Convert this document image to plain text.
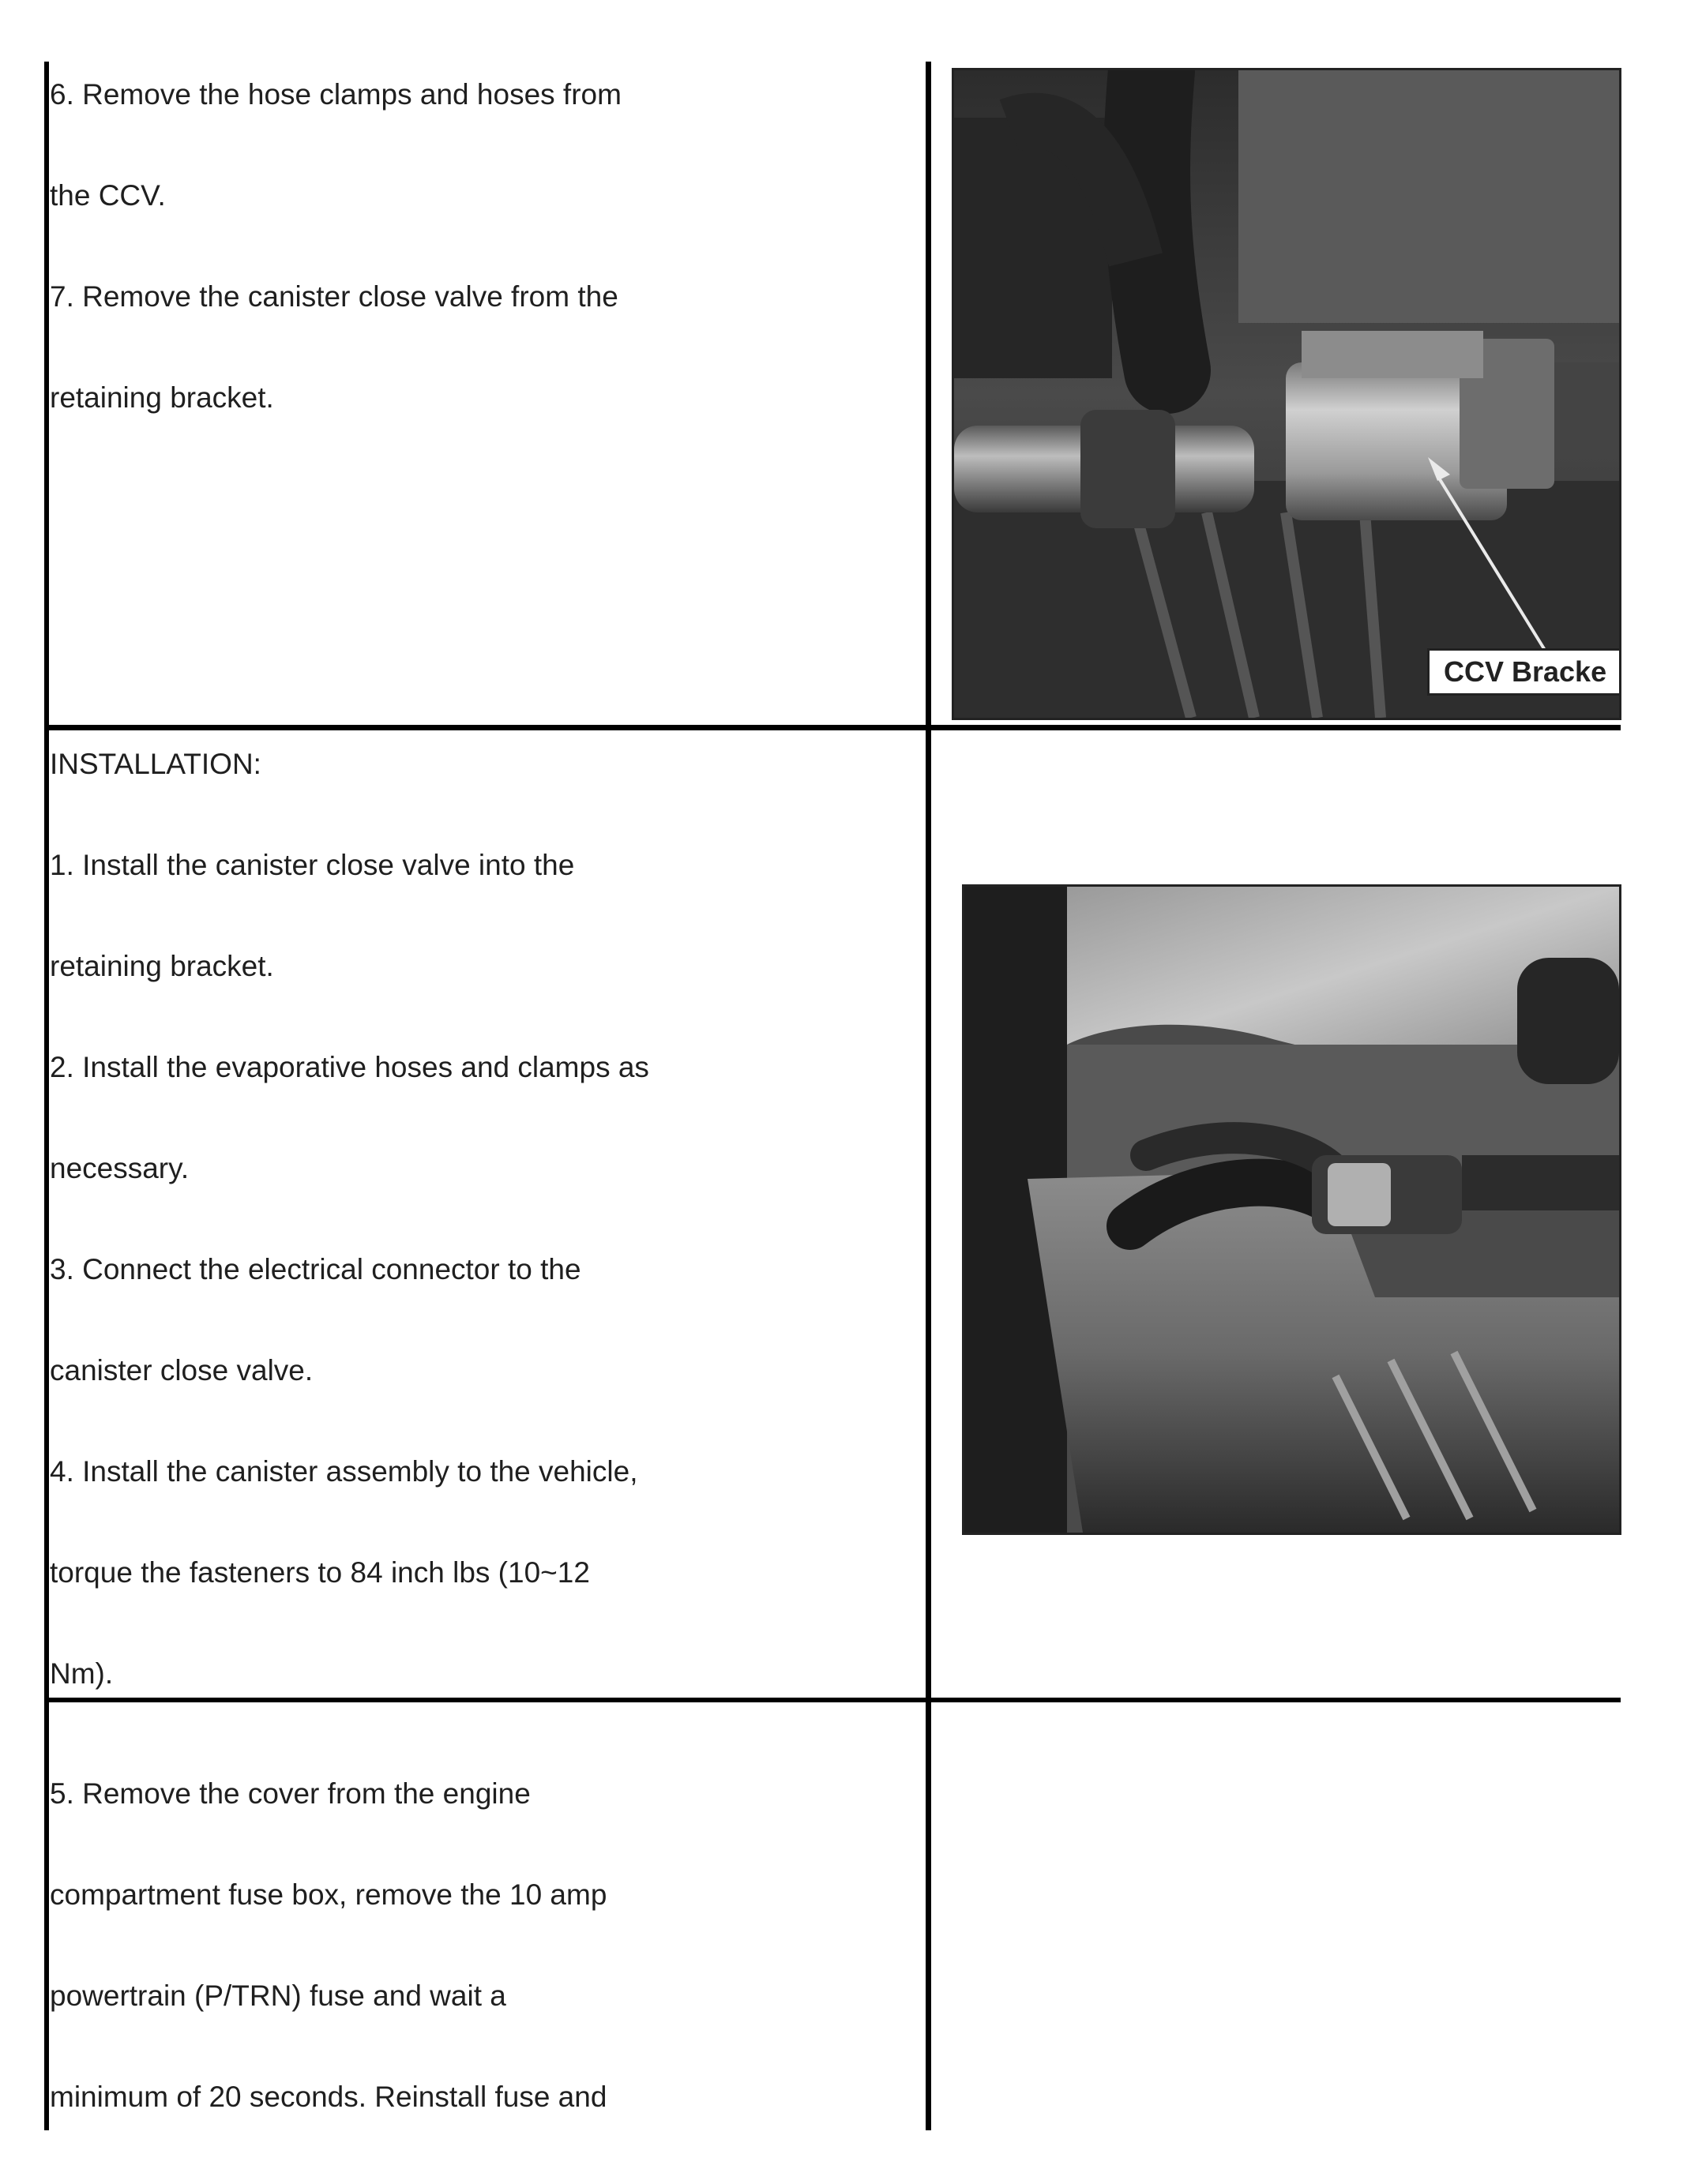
6. Remove the hose clamps and hoses from
the CCV.
7. Remove the canister close valve from the
retaining bracket.
INSTALLATION:
1. Install the canister close valve into the
retaining bracket.
2. Install the evaporative hoses and clamps as
necessary.
3. Connect the electrical connector to the
canister close valve.
4. Install the canister assembly to the vehicle,
torque the fasteners to 84 inch lbs (10~12
Nm).
5. Remove the cover from the engine
compartment fuse box, remove the 10 amp
powertrain (P/TRN) fuse and wait a
minimum of 20 seconds. Reinstall fuse and
CCV Bracke
